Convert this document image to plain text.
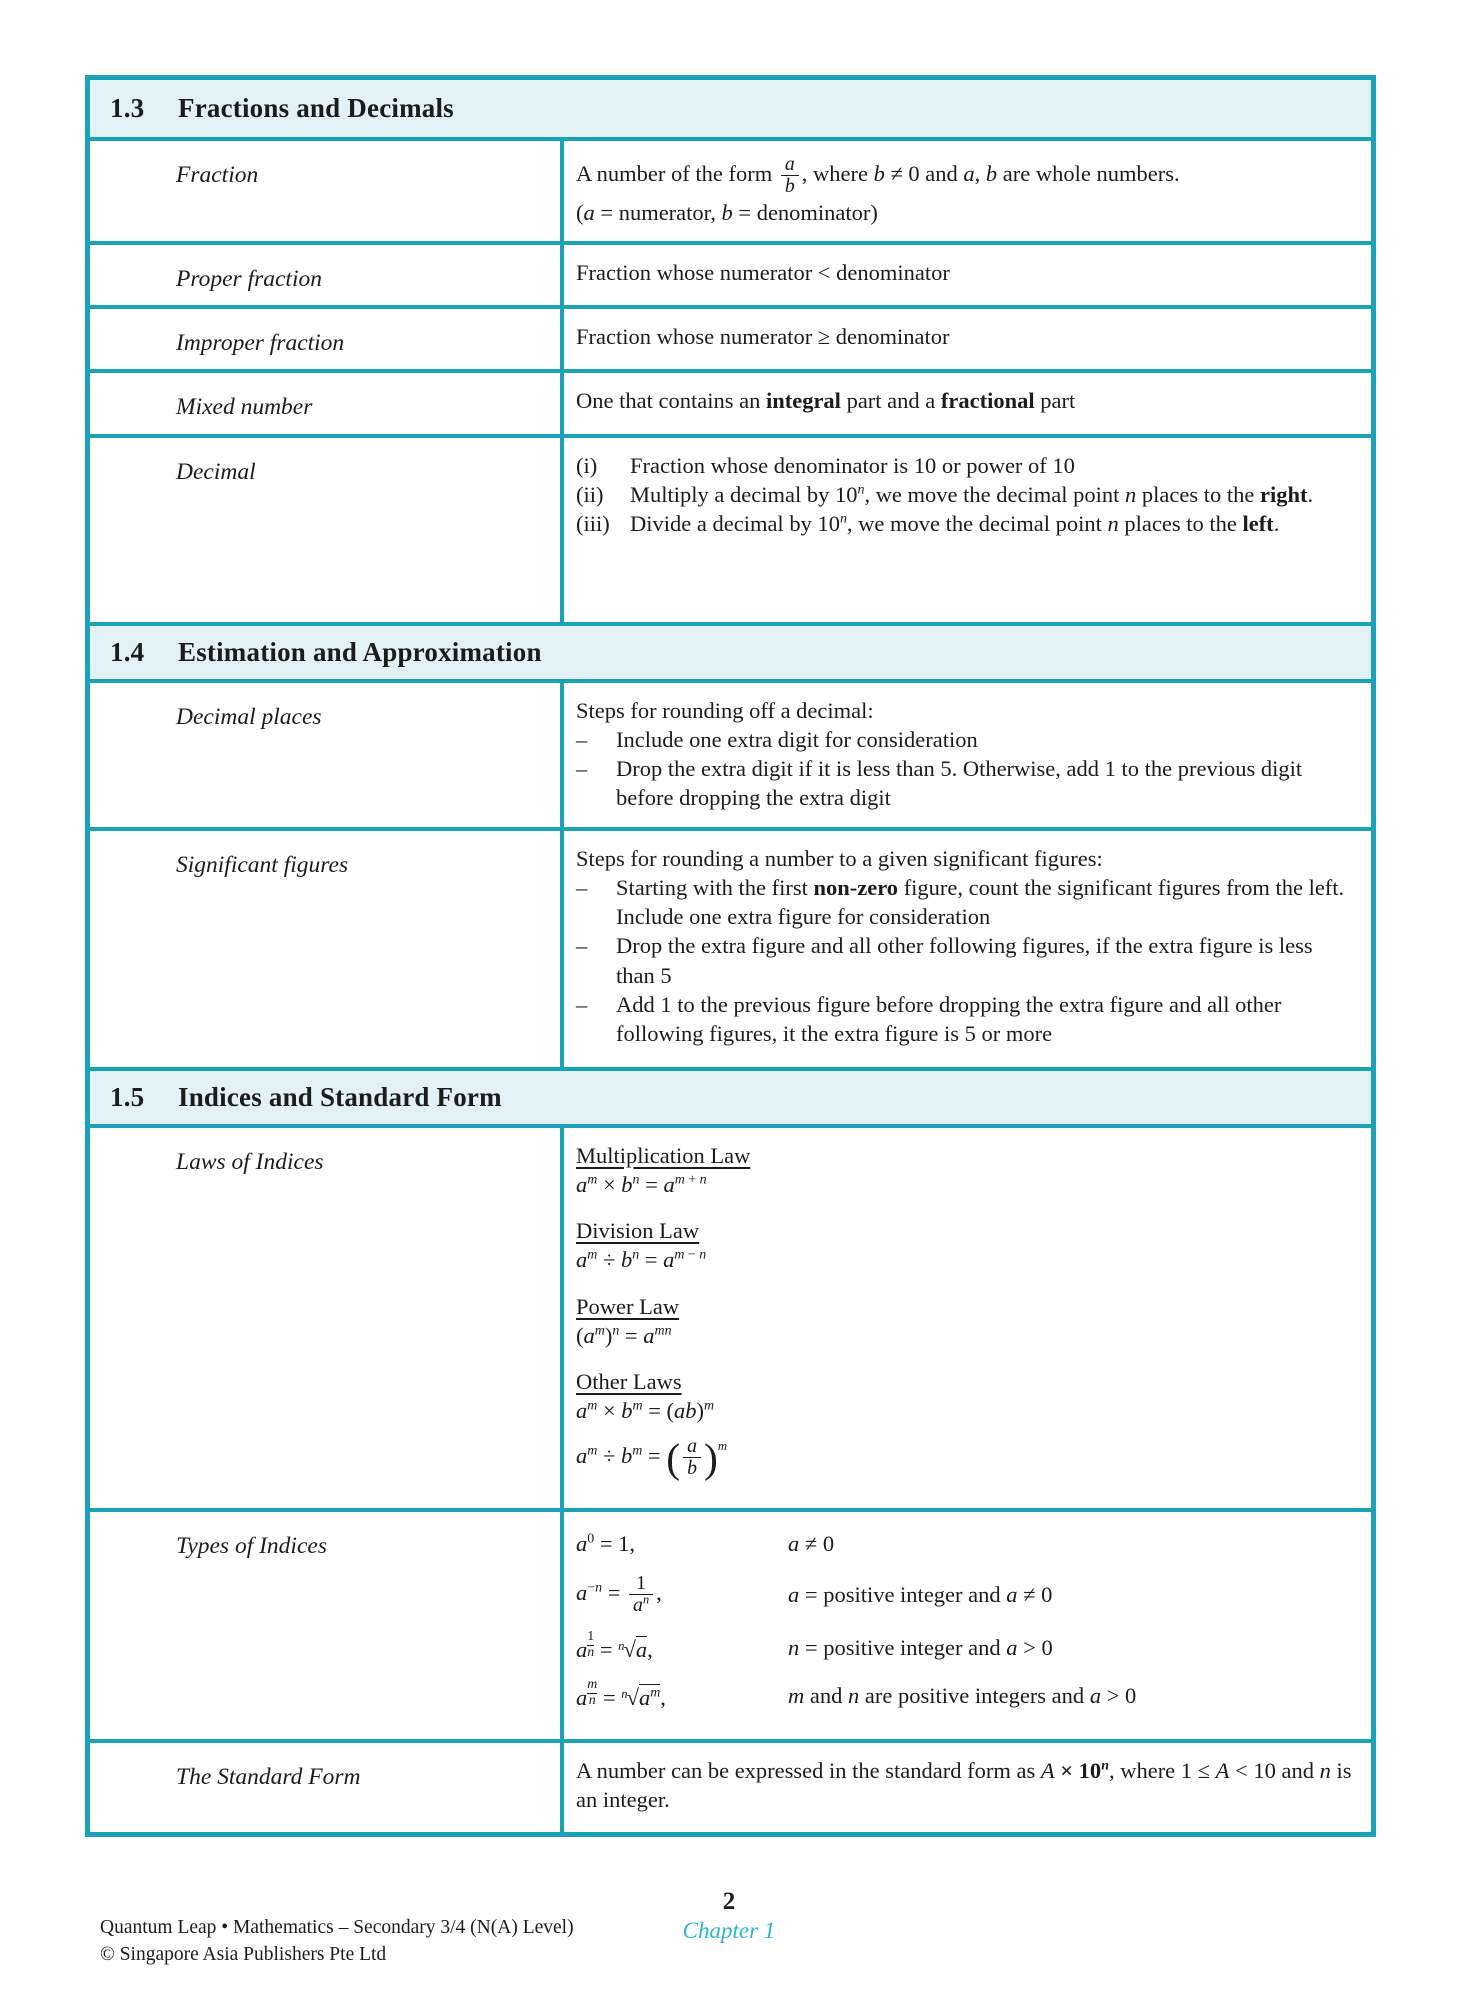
1.3	Fractions and Decimals
Fraction	A number of the form $\frac{a}{b}$ , where b ≠ 0 and a, b are whole numbers.
(a = numerator, b = denominator)
Proper fraction	Fraction whose numerator < denominator
Improper fraction	Fraction whose numerator ≥ denominator
Mixed number	One that contains an integral part and a fractional part
Decimal	(i)	Fraction whose denominator is 10 or power of 10
(ii)	Multiply a decimal by 10$^n$, we move the decimal point n places to the right.
(iii) Divide a decimal by 10$^n$, we move the decimal point n places to the left.
1.4	Estimation and Approximation
Decimal places	Steps for rounding off a decimal:
–	Include one extra digit for consideration
–	Drop the extra digit if it is less than 5. Otherwise, add 1 to the previous digit before dropping the extra digit
Significant figures	Steps for rounding a number to a given significant figures:
–	Starting with the first non-zero figure, count the significant figures from the left. Include one extra figure for consideration
–	Drop the extra figure and all other following figures, if the extra figure is less than 5
–	Add 1 to the previous figure before dropping the extra figure and all other following figures, it the extra figure is 5 or more
1.5	Indices and Standard Form
Laws of Indices	Multiplication Law
$a^m \times b^n = a^{m + n}$
Division Law
$a^m \div b^n = a^{m - n}$
Power Law
$(a^m)^n = a^{mn}$
Other Laws
$a^m \times b^m = (ab)^m$
$a^m \div b^m$ = ( $\frac{a}{b} )^m$
Types of Indices	$a^0 = 1$,	a ≠ 0
$a^{-n} = \frac{1}{a^n}$ ,	a = positive integer and a ≠ 0
a $^{\frac{1}{n}}$ = $^n$√a,	n = positive integer and a > 0
a $^{\frac{m}{n}} = ^n√a^m$,	m and n are positive integers and a > 0
The Standard Form	A number can be expressed in the standard form as $A \times 10^n$, where 1 ≤ A < 10 and n is an integer.
Quantum Leap • Mathematics – Secondary 3/4 (N(A) Level)
© Singapore Asia Publishers Pte Ltd
2
Chapter 1
